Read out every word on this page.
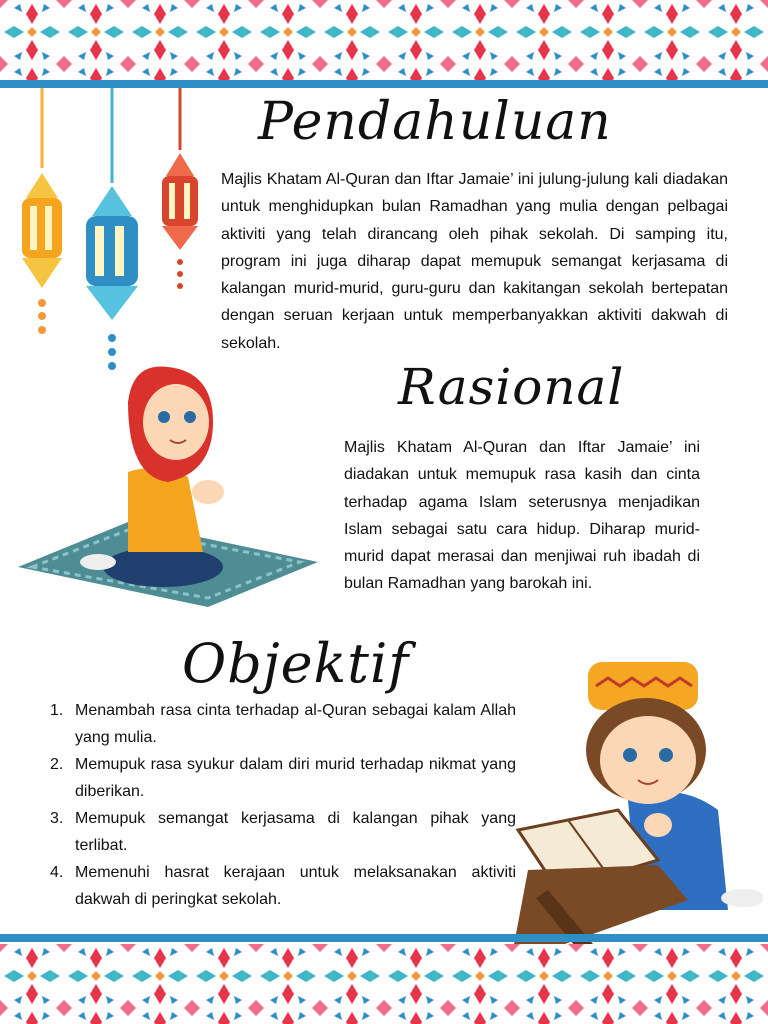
Pendahuluan

Majlis Khatam Al-Quran dan Iftar Jamaie’ ini julung-julung kali diadakan untuk menghidupkan bulan Ramadhan yang mulia dengan pelbagai aktiviti yang telah dirancang oleh pihak sekolah. Di samping itu, program ini juga diharap dapat memupuk semangat kerjasama di kalangan murid-murid, guru-guru dan kakitangan sekolah bertepatan dengan seruan kerjaan untuk memperbanyakkan aktiviti dakwah di sekolah.

Rasional

Majlis Khatam Al-Quran dan Iftar Jamaie’ ini diadakan untuk memupuk rasa kasih dan cinta terhadap agama Islam seterusnya menjadikan Islam sebagai satu cara hidup. Diharap murid-murid dapat merasai dan menjiwai ruh ibadah di bulan Ramadhan yang barokah ini.

Objektif
1. Menambah rasa cinta terhadap al-Quran sebagai kalam Allah yang mulia.
2. Memupuk rasa syukur dalam diri murid terhadap nikmat yang diberikan.
3. Memupuk semangat kerjasama di kalangan pihak yang terlibat.
4. Memenuhi hasrat kerajaan untuk melaksanakan aktiviti dakwah di peringkat sekolah.
